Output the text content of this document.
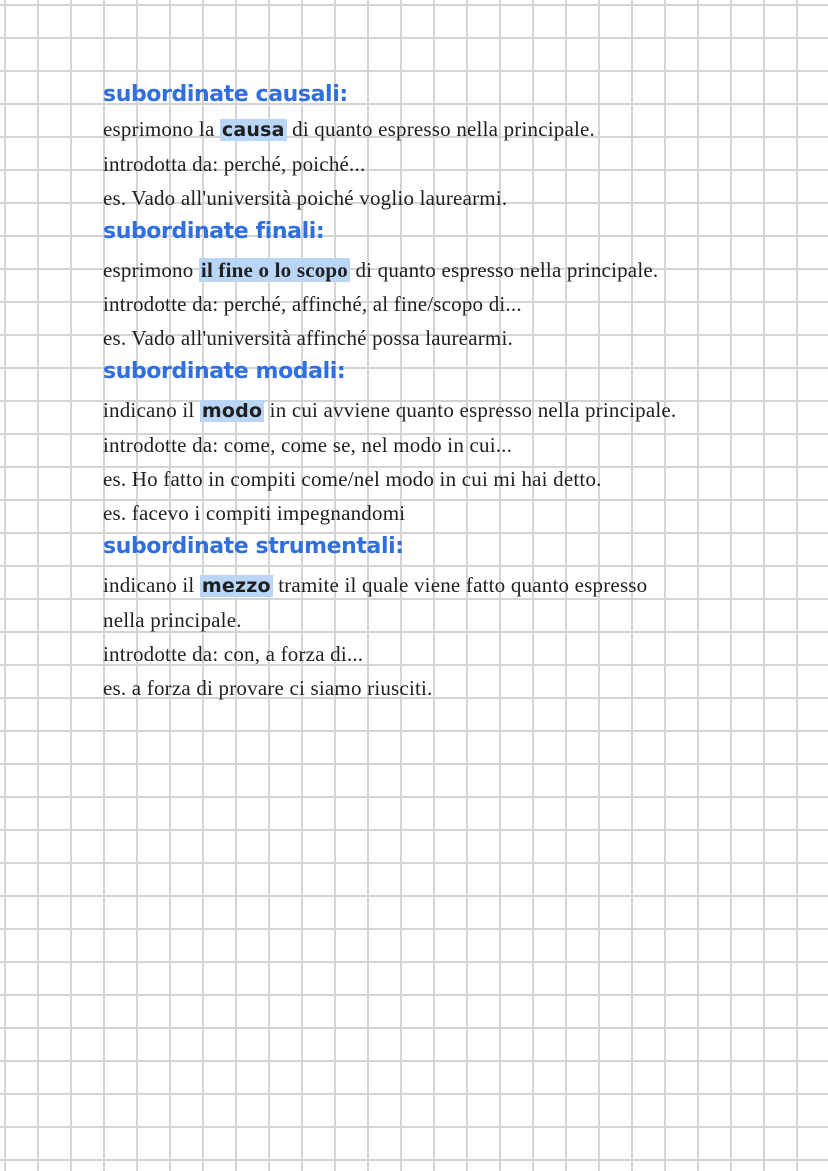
subordinate causali:
esprimono la causa di quanto espresso nella principale.
introdotta da: perché, poiché...
es. Vado all'università poiché voglio laurearmi.
subordinate finali:
esprimono il fine o lo scopo di quanto espresso nella principale.
introdotte da: perché, affinché, al fine/scopo di...
es. Vado all'università affinché possa laurearmi.
subordinate modali:
indicano il modo in cui avviene quanto espresso nella principale.
introdotte da: come, come se, nel modo in cui...
es. Ho fatto in compiti come/nel modo in cui mi hai detto.
es. facevo i compiti impegnandomi
subordinate strumentali:
indicano il mezzo tramite il quale viene fatto quanto espresso
nella principale.
introdotte da: con, a forza di...
es. a forza di provare ci siamo riusciti.
